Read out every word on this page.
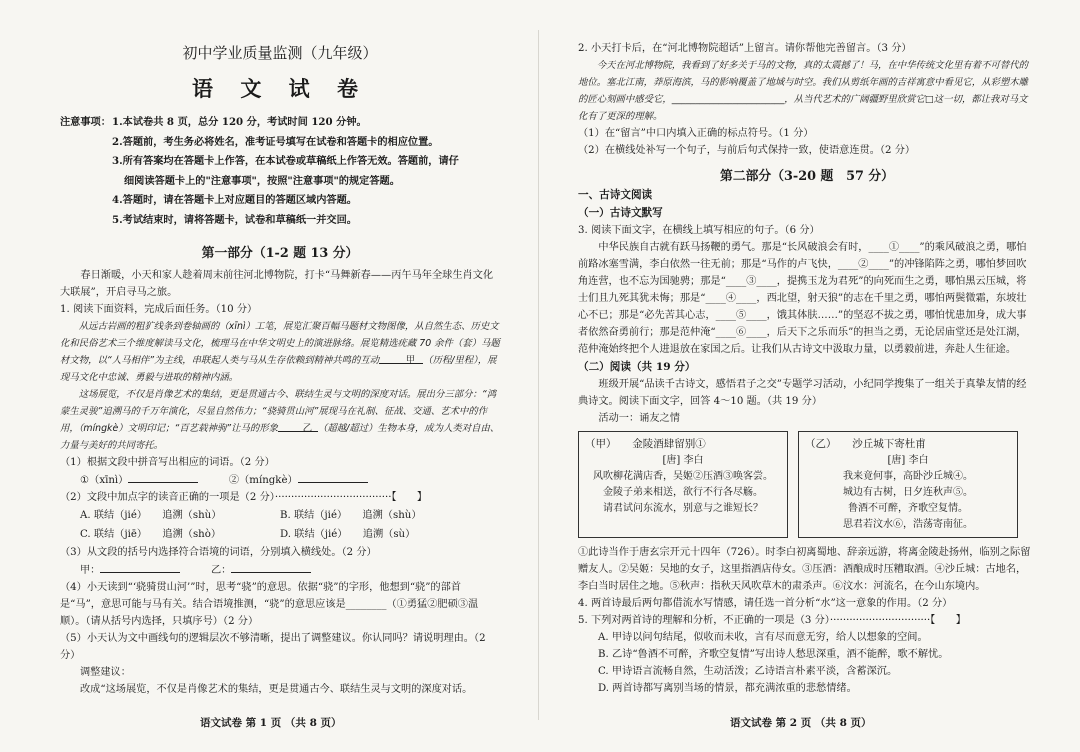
初中学业质量监测（九年级）

语 文 试 卷

注意事项： 1.本试卷共 8 页，总分 120 分，考试时间 120 分钟。
2.答题前，考生务必将姓名，准考证号填写在试卷和答题卡的相应位置。
3.所有答案均在答题卡上作答，在本试卷或草稿纸上作答无效。答题前，请仔
细阅读答题卡上的"注意事项"，按照"注意事项"的规定答题。
4.答题时，请在答题卡上对应题目的答题区域内答题。
5.考试结束时，请将答题卡，试卷和草稿纸一并交回。

第一部分（1-2 题 13 分）

春日渐暖，小天和家人趁着周末前往河北博物院，打卡“马舞新春——丙午马年全球生肖文化大联展”，开启寻马之旅。

1. 阅读下面资料，完成后面任务。（10 分）

从远古岩画的粗犷线条到卷轴画的（xīnì）工笔，展览汇聚百幅马题材文物图像，从自然生态、历史文化和民俗艺术三个维度解读马文化，梳理马在中华文明史上的演进脉络。展览精选疣藏 70 余件（套）马题材文物，以“人马相伴”为主线，串联起人类与马从生存依赖到精神共鸣的互动	甲 （历程/里程），展现马文化中忠诚、勇毅与进取的精神内涵。

这场展览，不仅是肖像艺术的集结，更是贯通古今、联结生灵与文明的深度对话。展出分三部分：“鸿蒙生灵骏”追溯马的千万年演化，尽显自然伟力；“骁骑贯山河”展现马在礼制、征战、交通、艺术中的作用，（míngkè）文明印记；“百艺载神驹”让马的形象	乙 （超越/超过）生物本身，成为人类对自由、力量与美好的共同寄托。

（1）根据文段中拼音写出相应的词语。（2 分）

①（xīnì）　　　	②（míngkè）

（2）文段中加点字的读音正确的一项是（2 分）····································【　　】

A. 联结（jié）　　追溯（shù）	B. 联结（jié）　　追溯（shù）
C. 联结（jiē）　　追溯（shò）	D. 联结（jié）　　追溯（sù）

（3）从文段的括号内选择符合语境的词语，分别填入横线处。（2 分）

甲：　　　	乙：

（4）小天读到“‘骁骑贯山河’”时，思考“骁”的意思。依据“骁”的字形，他想到“骁”的部首是“马”，意思可能与马有关。结合语境推测，“骁”的意思应该是________（①勇猛②肥硕③温顺）。（请从括号内选择，只填序号）（2 分）

（5）小天认为文中画线句的逻辑层次不够清晰，提出了调整建议。你认同吗？请说明理由。（2 分）

调整建议：

改成“这场展览，不仅是肖像艺术的集结，更是贯通古今、联结生灵与文明的深度对话。

语文试卷 第 1 页 （共 8 页）

2. 小天打卡后，在“河北博物院超话”上留言。请你帮他完善留言。（3 分）

今天在河北博物院，我看到了好多关于马的文物，真的太震撼了！马，在中华传统文化里有着不可替代的地位。塞北江南，莽原海滨，马的影响覆盖了地域与时空。我们从剪纸年画的吉祥寓意中看见它，从彩塑木雕的匠心刻画中感受它，________________________，从当代艺术的广阔疆野里欣赏它□这一切，都让我对马文化有了更深的理解。

（1）在“留言”中口内填入正确的标点符号。（1 分）

（2）在横线处补写一个句子，与前后句式保持一致，使语意连贯。（2 分）

第二部分（3-20 题　57 分）

一、古诗文阅读

（一）古诗文默写

3. 阅读下面文字，在横线上填写相应的句子。（6 分）

中华民族自古就有跃马扬鞭的勇气。那是“长风破浪会有时，____①____”的乘风破浪之勇，哪怕前路冰塞雪满，李白依然一往无前；那是“马作的卢飞快，____②____”的冲锋陷阵之勇，哪怕梦回吹角连营，也不忘为国驰骋；那是“____③____，提携玉龙为君死”的向死而生之勇，哪怕黑云压城，将士们且九死其犹未悔；那是“____④____，西北望，射天狼”的志在千里之勇，哪怕两鬓微霜，东坡壮心不已；那是“必先苦其心志，____⑤____，饿其体肤……”的坚忍不拔之勇，哪怕忧患加身，成大事者依然奋勇前行；那是范仲淹“____⑥____，后天下之乐而乐”的担当之勇，无论居庙堂还是处江湖，范仲淹始终把个人进退放在家国之后。让我们从古诗文中汲取力量，以勇毅前进，奔赴人生征途。

（二）阅读（共 19 分）

班级开展“品读千古诗文，感悟君子之交”专题学习活动，小纪同学搜集了一组关于真挚友情的经典诗文。阅读下面文字，回答 4～10 题。（共 19 分）

活动一：诵友之情

（甲）　　 金陵酒肆留别①
[唐] 李白
风吹柳花满店香，吴姬②压酒③唤客尝。
金陵子弟来相送，欲行不行各尽觞。
请君试问东流水，别意与之谁短长？
（乙）　　 沙丘城下寄杜甫
[唐] 李白
我来竟何事，高卧沙丘城④。
城边有古树，日夕连秋声⑤。
鲁酒不可醉，齐歌空复情。
思君若汶水⑥，浩荡寄南征。

①此诗当作于唐玄宗开元十四年（726）。时李白初离蜀地、辞亲远游，将离金陵赴扬州，临别之际留赠友人。②吴姬：吴地的女子，这里指酒店侍女。③压酒：酒酿成时压糟取酒。④沙丘城：古地名，李白当时居住之地。⑤秋声：指秋天风吹草木的肃杀声。⑥汶水：河流名，在今山东境内。

4. 两首诗最后两句都借流水写情感，请任选一首分析“水”这一意象的作用。（2 分）

5. 下列对两首诗的理解和分析，不正确的一项是（3 分）·······························【　　】

A. 甲诗以问句结尾，似收而未收，言有尽而意无穷，给人以想象的空间。

B. 乙诗“鲁酒不可醉，齐歌空复情”写出诗人愁思深重，酒不能醉，歌不解忧。

C. 甲诗语言流畅自然，生动活泼；乙诗语言朴素平淡，含蓄深沉。

D. 两首诗都写离别当场的情景，都充满浓重的悲愁情绪。

语文试卷 第 2 页 （共 8 页）
